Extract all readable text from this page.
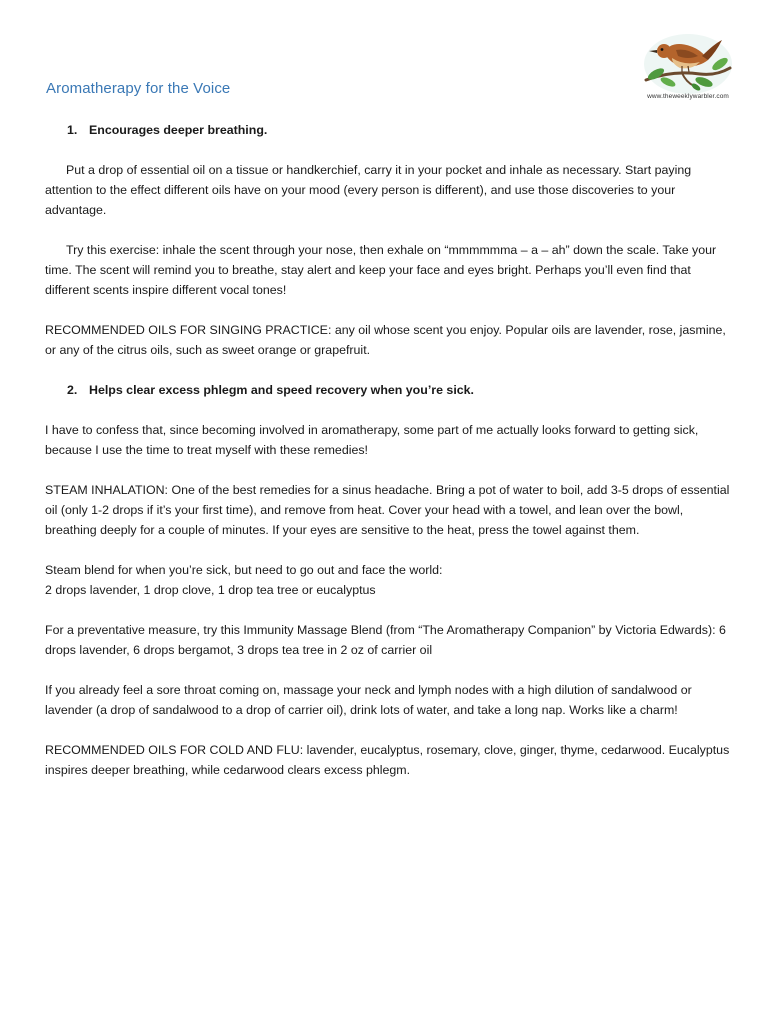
Aromatherapy for the Voice	www.theweeklywarbler.com

1. Encourages deeper breathing.

Put a drop of essential oil on a tissue or handkerchief, carry it in your pocket and inhale as necessary. Start paying attention to the effect different oils have on your mood (every person is different), and use those discoveries to your advantage.

Try this exercise: inhale the scent through your nose, then exhale on “mmmmmma – a – ah” down the scale. Take your time. The scent will remind you to breathe, stay alert and keep your face and eyes bright. Perhaps you’ll even find that different scents inspire different vocal tones!

RECOMMENDED OILS FOR SINGING PRACTICE: any oil whose scent you enjoy. Popular oils are lavender, rose, jasmine, or any of the citrus oils, such as sweet orange or grapefruit.

2. Helps clear excess phlegm and speed recovery when you’re sick.

I have to confess that, since becoming involved in aromatherapy, some part of me actually looks forward to getting sick, because I use the time to treat myself with these remedies!

STEAM INHALATION: One of the best remedies for a sinus headache. Bring a pot of water to boil, add 3-5 drops of essential oil (only 1-2 drops if it’s your first time), and remove from heat. Cover your head with a towel, and lean over the bowl, breathing deeply for a couple of minutes. If your eyes are sensitive to the heat, press the towel against them.

Steam blend for when you’re sick, but need to go out and face the world:

2 drops lavender, 1 drop clove, 1 drop tea tree or eucalyptus

For a preventative measure, try this Immunity Massage Blend (from “The Aromatherapy Companion” by Victoria Edwards): 6 drops lavender, 6 drops bergamot, 3 drops tea tree in 2 oz of carrier oil

If you already feel a sore throat coming on, massage your neck and lymph nodes with a high dilution of sandalwood or lavender (a drop of sandalwood to a drop of carrier oil), drink lots of water, and take a long nap. Works like a charm!

RECOMMENDED OILS FOR COLD AND FLU: lavender, eucalyptus, rosemary, clove, ginger, thyme, cedarwood. Eucalyptus inspires deeper breathing, while cedarwood clears excess phlegm.
